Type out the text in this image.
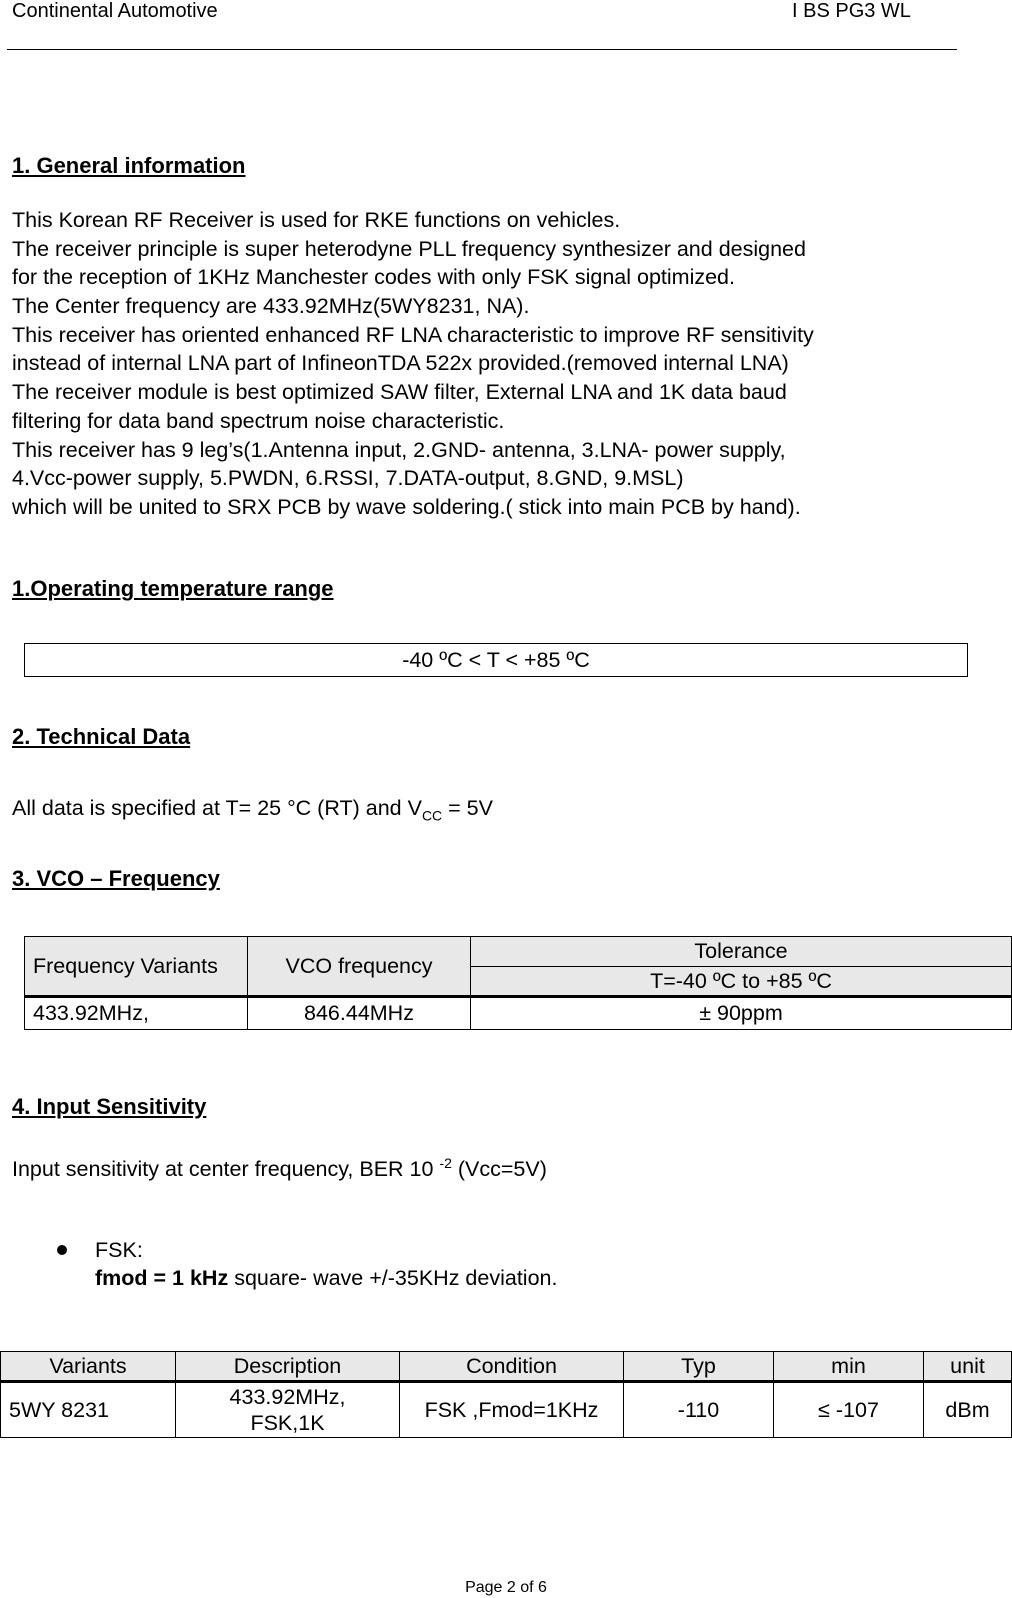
Continental Automotive	I BS PG3 WL
1. General information
This Korean RF Receiver is used for RKE functions on vehicles.
The receiver principle is super heterodyne PLL frequency synthesizer and designed
for the reception of 1KHz Manchester codes with only FSK signal optimized.
The Center frequency are 433.92MHz(5WY8231, NA).
This receiver has oriented enhanced RF LNA characteristic to improve RF sensitivity
instead of internal LNA part of InfineonTDA 522x provided.(removed internal LNA)
The receiver module is best optimized SAW filter, External LNA and 1K data baud
filtering for data band spectrum noise characteristic.
This receiver has 9 leg’s(1.Antenna input, 2.GND- antenna, 3.LNA- power supply,
4.Vcc-power supply, 5.PWDN, 6.RSSI, 7.DATA-output, 8.GND, 9.MSL)
which will be united to SRX PCB by wave soldering.( stick into main PCB by hand).
1.Operating temperature range
-40 ºC < T < +85 ºC
2. Technical Data
All data is specified at T= 25 °C (RT) and $V_{CC} = 5V$
3. VCO – Frequency
Frequency Variants	VCO frequency	Tolerance
		T=-40 ºC to +85 ºC
433.92MHz,	846.44MHz	± 90ppm
4. Input Sensitivity
Input sensitivity at center frequency, BER 10 $^{-2}$ (Vcc=5V)
FSK:
fmod = 1 kHz square- wave +/-35KHz deviation.
Variants	Description	Condition	Typ	min	unit
5WY 8231	433.92MHz, FSK,1K	FSK ,Fmod=1KHz	-110	≤ -107	dBm
Page 2 of 6
